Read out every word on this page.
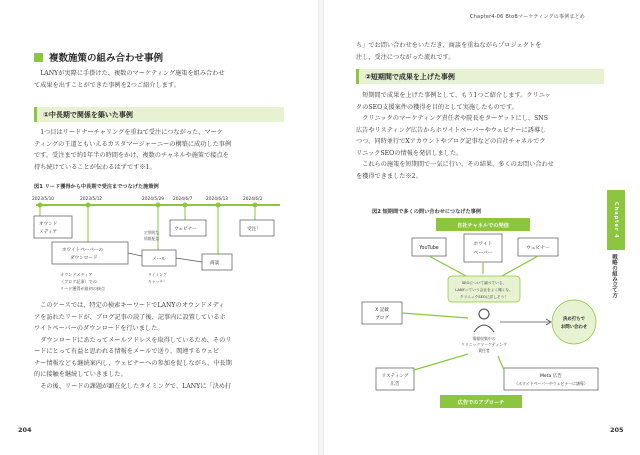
複数施策の組み合わせ事例

LANYが実際に手掛けた、複数のマーケティング施策を組み合わせ

て成果を出すことができた事例を2つご紹介します。

①中長期で関係を築いた事例

1つ目はリードナーチャリングを重ねて受注につながった、マーケ

ティングの王道ともいえるカスタマージャーニーの構築に成功した事例

です。受注まで約1年半の時間をかけ、複数のチャネルや施策で接点を

持ち続けていることが伝わるはずです※1。

図1 リード獲得から中長期で受注までつなげた施策例
2023/5/10	2023/5/12	2024/5/29 2024/6/7	2024/6/13	2024/6/2
オウンド
メディア
ホワイトペーパーの
ダウンロード	メール
ウェビナー
商談
受注！
定期的な
情報配信
タイミング
キャッチ！
オウンドメディア
（ブログ記事）での
リード獲得が最初の接点

このケースでは、特定の検索キーワードでLANYのオウンドメディ

アを訪れたリードが、ブログ記事の読了後、記事内に設置しているホ

ワイトペーパーのダウンロードを行いました。

ダウンロードにあたってメールアドレスを取得しているため、そのリ

ードにとって有益と思われる情報をメールで送り、関連するウェビ

ナー情報なども継続案内し、ウェビナーへの参加を促しながら、中長期

的に接触を継続していきました。

その後、リードの課題が顕在化したタイミングで、LANYに「決め打

204
Chapter4-06 BtoBマーケティングの事例まとめ

ち」でお問い合わせをいただき、商談を重ねながらプロジェクトを

注し、受注につながった流れです。

②短期間で成果を上げた事例

短期間で成果を上げた事例として、もう1つご紹介します。クリニッ

クのSEO支援案件の獲得を目的として実施したものです。

クリニックのマーケティング責任者や院長をターゲットにし、SNS

広告やリスティング広告からホワイトペーパーやウェビナーに誘導し

つつ、同時並行でXアカウントやブログ記事などの自社チャネルでク

リニックSEOの情報を発信しました。

これらの施策を短期間で一気に行い、その結果、多くのお問い合わせ

を獲得できました※2。

図2 短期間で多くの問い合わせにつなげた事例
自社チャネルでの発信
YouTube
ホワイト
ペーパー
ウェビナー
SEOについて調べている、
LANYっていう会社をよく聞くな。
クリニックSEOに詳しそう！
情報収集中の
クリニックマーケティング
責任者
X 記載
ブログ	決め打ちで
お問い合わせ
リスティング
広告
Meta 広告
（ホワイトペーパーやウェビナーに誘導）
広告でのアプローチ
Chapter 4
戦略の組み立て方
205
